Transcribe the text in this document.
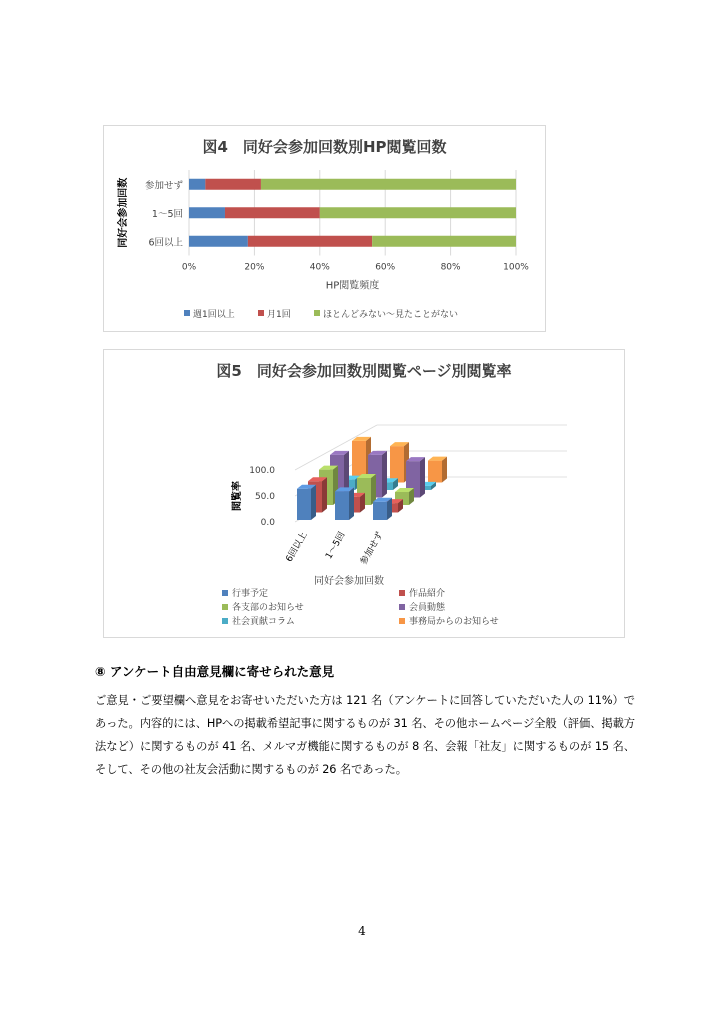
図4　同好会参加回数別HP閲覧回数
0%	20%	40%	60%	80%	100%
参加せず
1〜5回
6回以上
同好会参加回数
HP閲覧頻度
週1回以上	月1回	ほとんどみない〜見たことがない
図5　同好会参加回数別閲覧ページ別閲覧率
0.0
50.0
100.0
6回以上 1〜5回 参加せず
閲覧率
同好会参加回数
行事予定	作品紹介
各支部のお知らせ	会員動態
社会貢献コラム	事務局からのお知らせ
⑧ アンケート自由意見欄に寄せられた意見
ご意見・ご要望欄へ意見をお寄せいただいた方は 121 名（アンケートに回答していただいた人の 11%）であった。内容的には、HPへの掲載希望記事に関するものが 31 名、その他ホームページ全般（評価、掲載方法など）に関するものが 41 名、メルマガ機能に関するものが 8 名、会報「社友」に関するものが 15 名、そして、その他の社友会活動に関するものが 26 名であった。
4
